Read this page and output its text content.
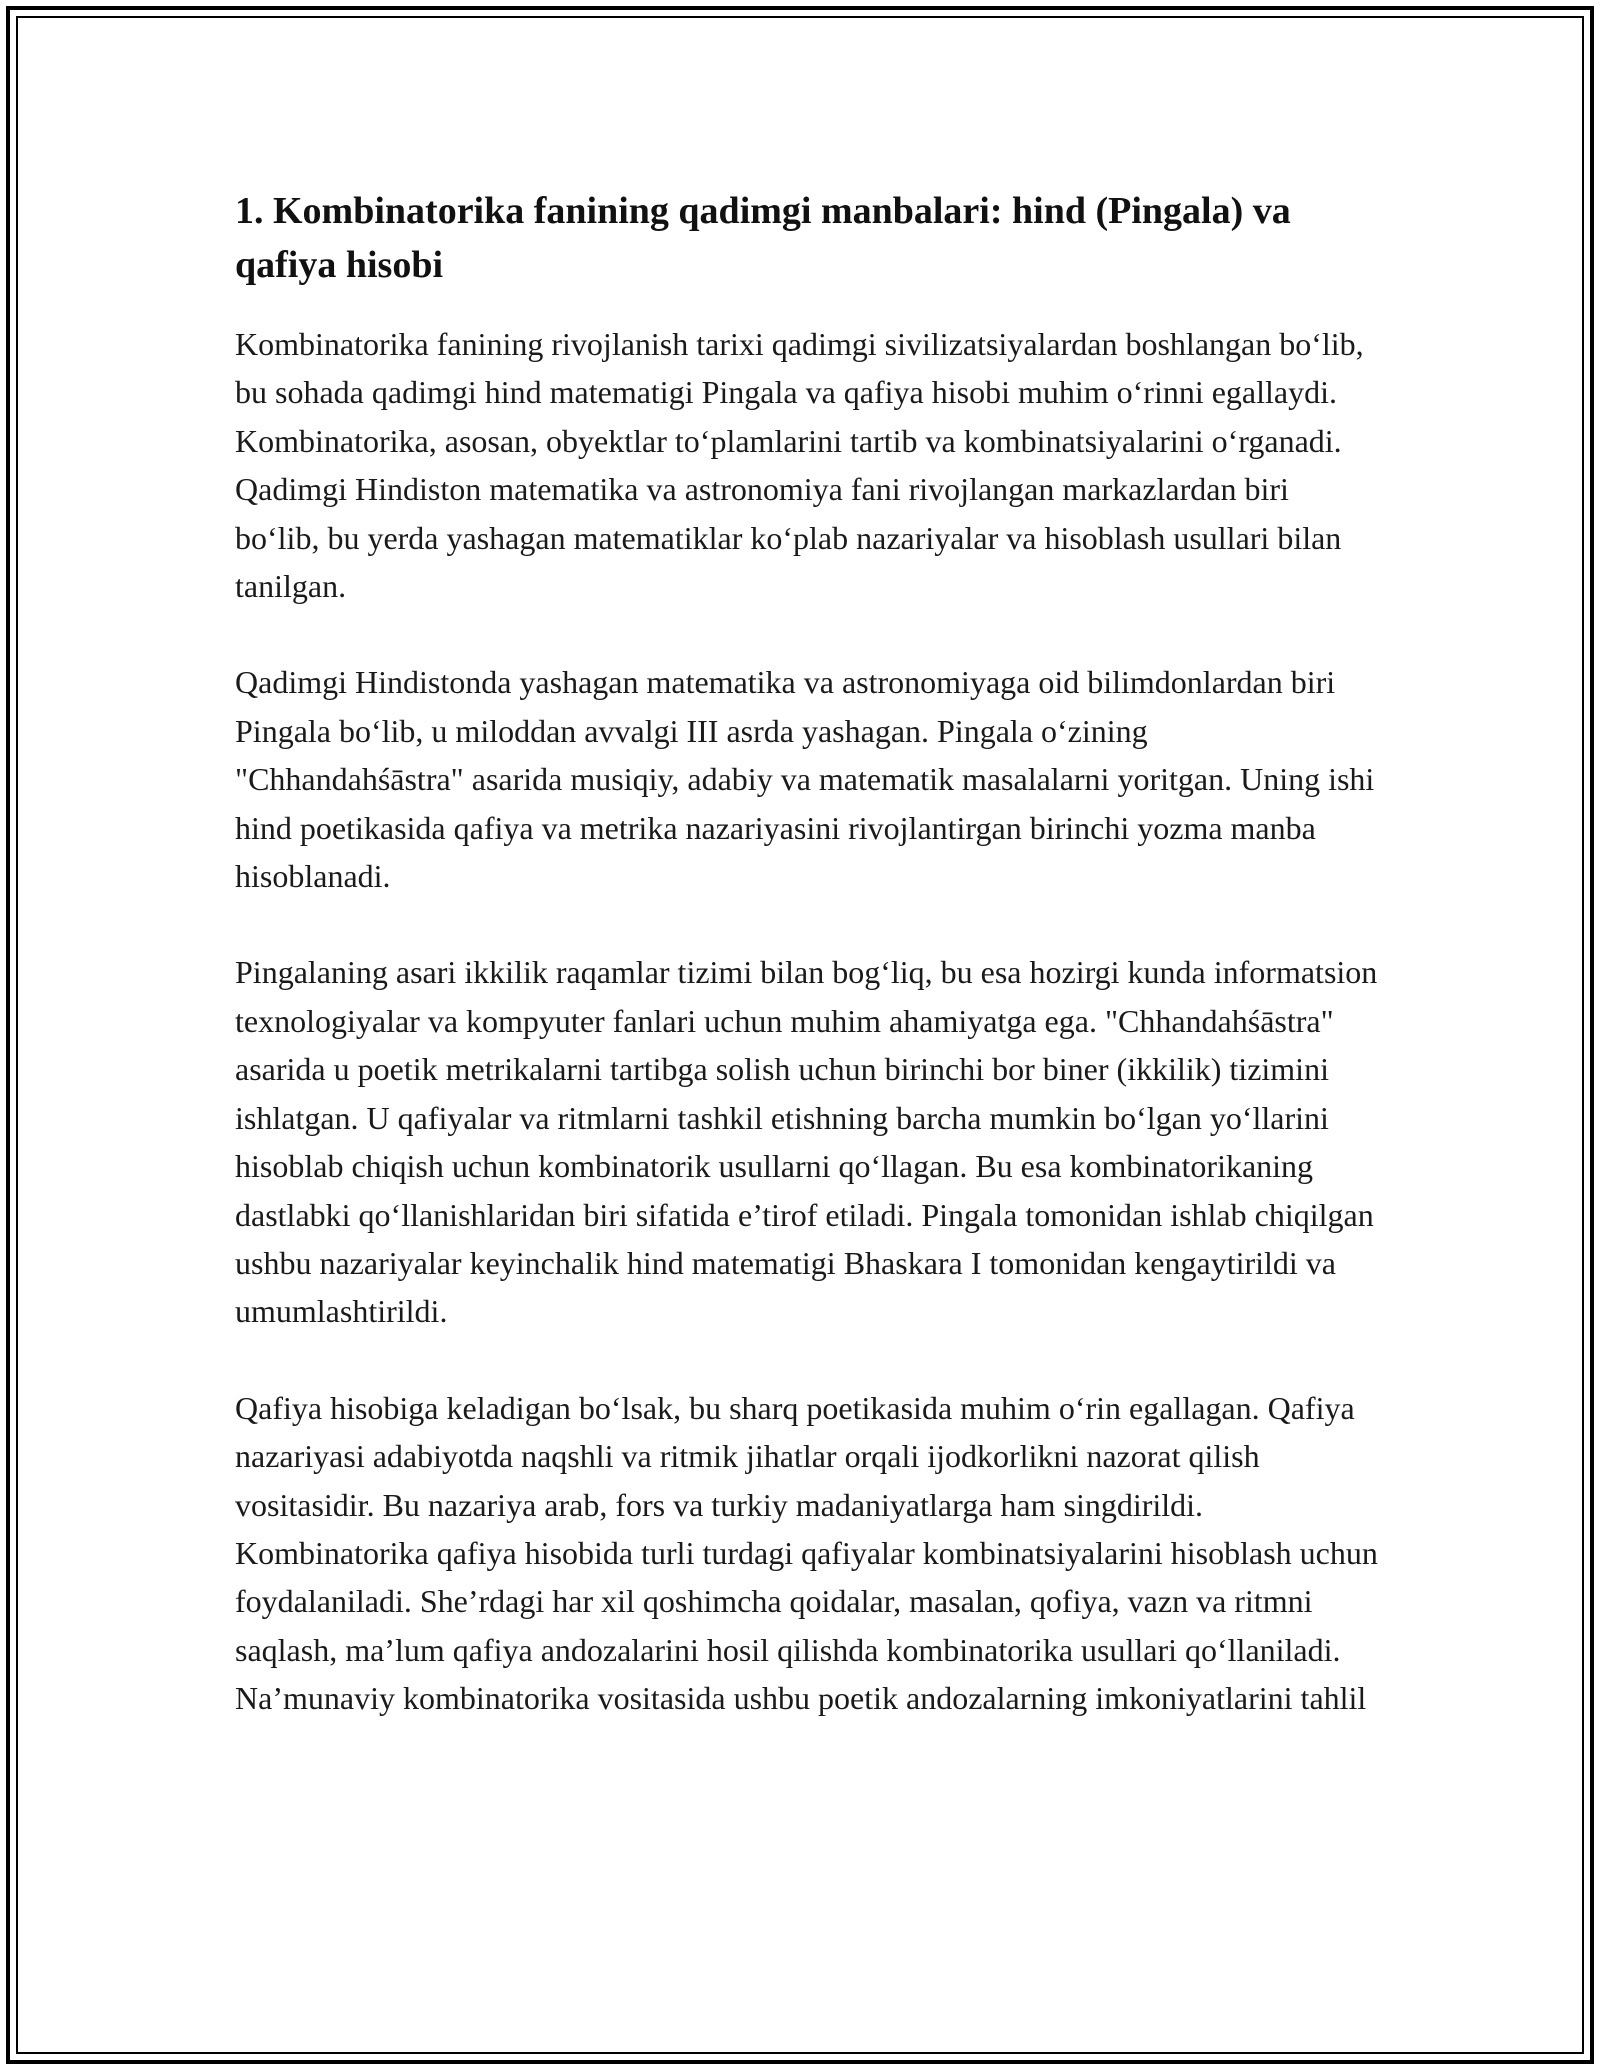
1. Kombinatorika fanining qadimgi manbalari: hind (Pingala) va qafiya hisobi

Kombinatorika fanining rivojlanish tarixi qadimgi sivilizatsiyalardan boshlangan bo‘lib, bu sohada qadimgi hind matematigi Pingala va qafiya hisobi muhim o‘rinni egallaydi. Kombinatorika, asosan, obyektlar to‘plamlarini tartib va kombinatsiyalarini o‘rganadi. Qadimgi Hindiston matematika va astronomiya fani rivojlangan markazlardan biri bo‘lib, bu yerda yashagan matematiklar ko‘plab nazariyalar va hisoblash usullari bilan tanilgan.

Qadimgi Hindistonda yashagan matematika va astronomiyaga oid bilimdonlardan biri Pingala bo‘lib, u miloddan avvalgi III asrda yashagan. Pingala o‘zining "Chhandahśāstra" asarida musiqiy, adabiy va matematik masalalarni yoritgan. Uning ishi hind poetikasida qafiya va metrika nazariyasini rivojlantirgan birinchi yozma manba hisoblanadi.

Pingalaning asari ikkilik raqamlar tizimi bilan bog‘liq, bu esa hozirgi kunda informatsion texnologiyalar va kompyuter fanlari uchun muhim ahamiyatga ega. "Chhandahśāstra" asarida u poetik metrikalarni tartibga solish uchun birinchi bor biner (ikkilik) tizimini ishlatgan. U qafiyalar va ritmlarni tashkil etishning barcha mumkin bo‘lgan yo‘llarini hisoblab chiqish uchun kombinatorik usullarni qo‘llagan. Bu esa kombinatorikaning dastlabki qo‘llanishlaridan biri sifatida e’tirof etiladi. Pingala tomonidan ishlab chiqilgan ushbu nazariyalar keyinchalik hind matematigi Bhaskara I tomonidan kengaytirildi va umumlashtirildi.

Qafiya hisobiga keladigan bo‘lsak, bu sharq poetikasida muhim o‘rin egallagan. Qafiya nazariyasi adabiyotda naqshli va ritmik jihatlar orqali ijodkorlikni nazorat qilish vositasidir. Bu nazariya arab, fors va turkiy madaniyatlarga ham singdirildi. Kombinatorika qafiya hisobida turli turdagi qafiyalar kombinatsiyalarini hisoblash uchun foydalaniladi. She’rdagi har xil qoshimcha qoidalar, masalan, qofiya, vazn va ritmni saqlash, ma’lum qafiya andozalarini hosil qilishda kombinatorika usullari qo‘llaniladi. Na’munaviy kombinatorika vositasida ushbu poetik andozalarning imkoniyatlarini tahlil
